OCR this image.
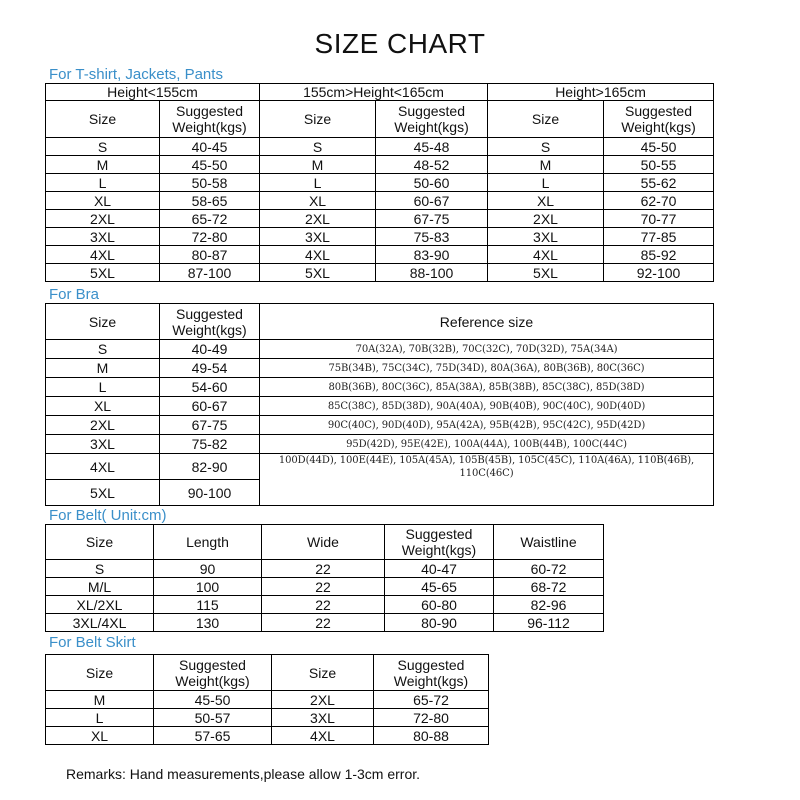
SIZE CHART
For T-shirt, Jackets, Pants
Height<155cm		155cm>Height<165cm		Height>165cm	
Size	Suggested Weight(kgs)	Size	Suggested Weight(kgs)	Size	Suggested Weight(kgs)
S	40-45	S	45-48	S	45-50
M	45-50	M	48-52	M	50-55
L	50-58	L	50-60	L	55-62
XL	58-65	XL	60-67	XL	62-70
2XL	65-72	2XL	67-75	2XL	70-77
3XL	72-80	3XL	75-83	3XL	77-85
4XL	80-87	4XL	83-90	4XL	85-92
5XL	87-100	5XL	88-100	5XL	92-100
For Bra
Size	Suggested Weight(kgs)	Reference size
S	40-49	70A(32A), 70B(32B), 70C(32C), 70D(32D), 75A(34A)
M	49-54	75B(34B), 75C(34C), 75D(34D), 80A(36A), 80B(36B), 80C(36C)
L	54-60	80B(36B), 80C(36C), 85A(38A), 85B(38B), 85C(38C), 85D(38D)
XL	60-67	85C(38C), 85D(38D), 90A(40A), 90B(40B), 90C(40C), 90D(40D)
2XL	67-75	90C(40C), 90D(40D), 95A(42A), 95B(42B), 95C(42C), 95D(42D)
3XL	75-82	95D(42D), 95E(42E), 100A(44A), 100B(44B), 100C(44C)
4XL	82-90	100D(44D), 100E(44E), 105A(45A), 105B(45B), 105C(45C), 110A(46A), 110B(46B), 110C(46C)
5XL	90-100	
For Belt( Unit:cm)
Size	Length	Wide	Suggested Weight(kgs)	Waistline
S	90	22	40-47	60-72
M/L	100	22	45-65	68-72
XL/2XL	115	22	60-80	82-96
3XL/4XL	130	22	80-90	96-112
For Belt Skirt
Size	Suggested Weight(kgs)	Size	Suggested Weight(kgs)
M	45-50	2XL	65-72
L	50-57	3XL	72-80
XL	57-65	4XL	80-88
Remarks: Hand measurements,please allow 1-3cm error.
